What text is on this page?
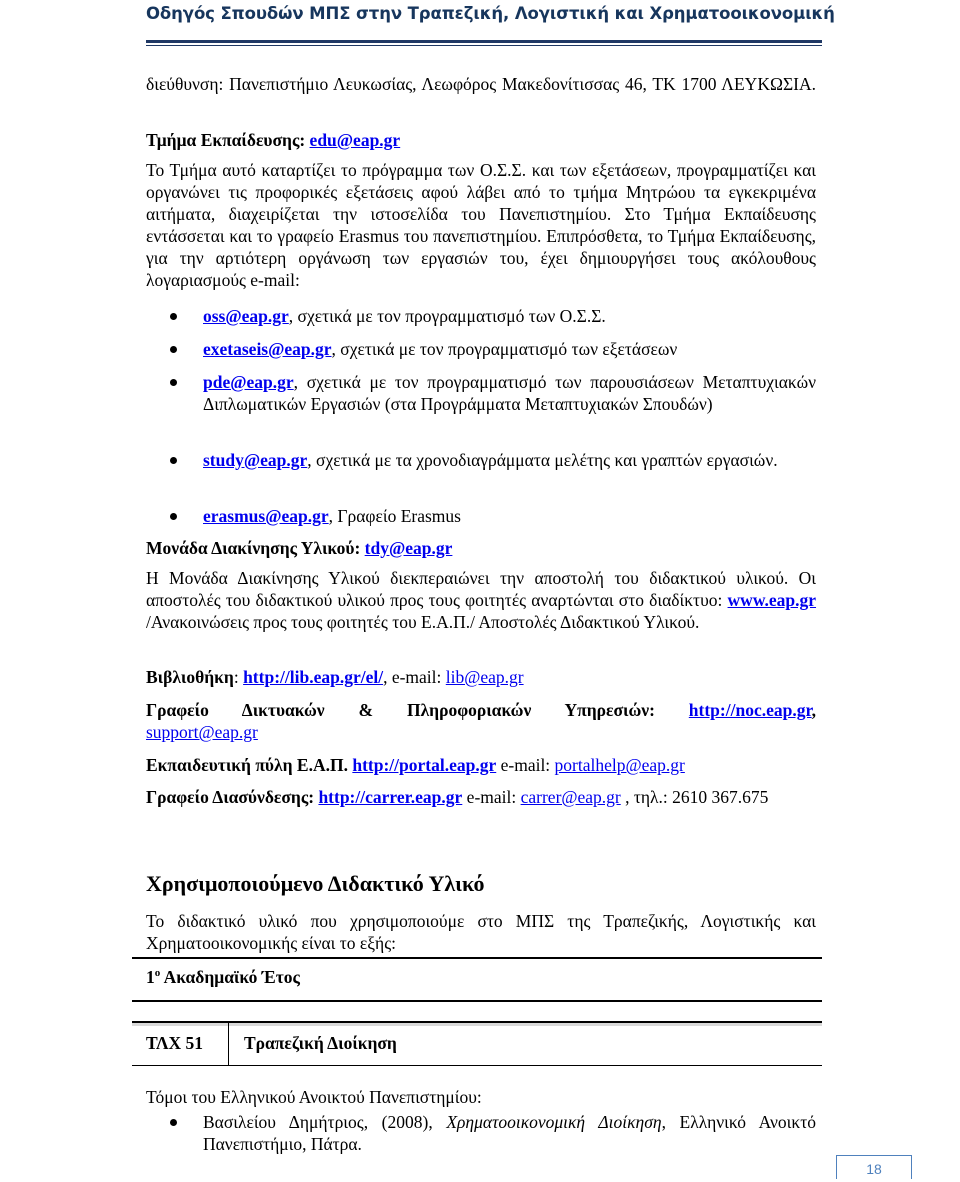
Οδηγός Σπουδών ΜΠΣ στην Τραπεζική, Λογιστική και Χρηματοοικονομική
διεύθυνση: Πανεπιστήμιο Λευκωσίας, Λεωφόρος Μακεδονίτισσας 46, ΤΚ 1700 ΛΕΥΚΩΣΙΑ.
Τμήμα Εκπαίδευσης: edu@eap.gr
Το Τμήμα αυτό καταρτίζει το πρόγραμμα των Ο.Σ.Σ. και των εξετάσεων, προγραμματίζει και οργανώνει τις προφορικές εξετάσεις αφού λάβει από το τμήμα Μητρώου τα εγκεκριμένα αιτήματα, διαχειρίζεται την ιστοσελίδα του Πανεπιστημίου. Στο Τμήμα Εκπαίδευσης εντάσσεται και το γραφείο Erasmus του πανεπιστημίου. Επιπρόσθετα, το Τμήμα Εκπαίδευσης, για την αρτιότερη οργάνωση των εργασιών του, έχει δημιουργήσει τους ακόλουθους λογαριασμούς e-mail:
oss@eap.gr, σχετικά με τον προγραμματισμό των Ο.Σ.Σ.
exetaseis@eap.gr, σχετικά με τον προγραμματισμό των εξετάσεων
pde@eap.gr, σχετικά με τον προγραμματισμό των παρουσιάσεων Μεταπτυχιακών Διπλωματικών Εργασιών (στα Προγράμματα Μεταπτυχιακών Σπουδών)
study@eap.gr, σχετικά με τα χρονοδιαγράμματα μελέτης και γραπτών εργασιών.
erasmus@eap.gr, Γραφείο Erasmus
Μονάδα Διακίνησης Υλικού: tdy@eap.gr
Η Μονάδα Διακίνησης Υλικού διεκπεραιώνει την αποστολή του διδακτικού υλικού. Οι αποστολές του διδακτικού υλικού προς τους φοιτητές αναρτώνται στο διαδίκτυο: www.eap.gr /Ανακοινώσεις προς τους φοιτητές του Ε.Α.Π./ Αποστολές Διδακτικού Υλικού.
Βιβλιοθήκη: http://lib.eap.gr/el/, e-mail: lib@eap.gr
Γραφείο Δικτυακών & Πληροφοριακών Υπηρεσιών: http://noc.eap.gr,
support@eap.gr
Εκπαιδευτική πύλη Ε.Α.Π. http://portal.eap.gr e-mail: portalhelp@eap.gr
Γραφείο Διασύνδεσης: http://carrer.eap.gr e-mail: carrer@eap.gr , τηλ.: 2610 367.675
Χρησιμοποιούμενο Διδακτικό Υλικό
Το διδακτικό υλικό που χρησιμοποιούμε στο ΜΠΣ της Τραπεζικής, Λογιστικής και Χρηματοοικονομικής είναι το εξής:
Τόμοι του Ελληνικού Ανοικτού Πανεπιστημίου:
Βασιλείου Δημήτριος, (2008), Χρηματοοικονομική Διοίκηση, Ελληνικό Ανοικτό Πανεπιστήμιο, Πάτρα.
$1^o$ Ακαδημαϊκό Έτος
ΤΛΧ 51 Τραπεζική Διοίκηση
18
